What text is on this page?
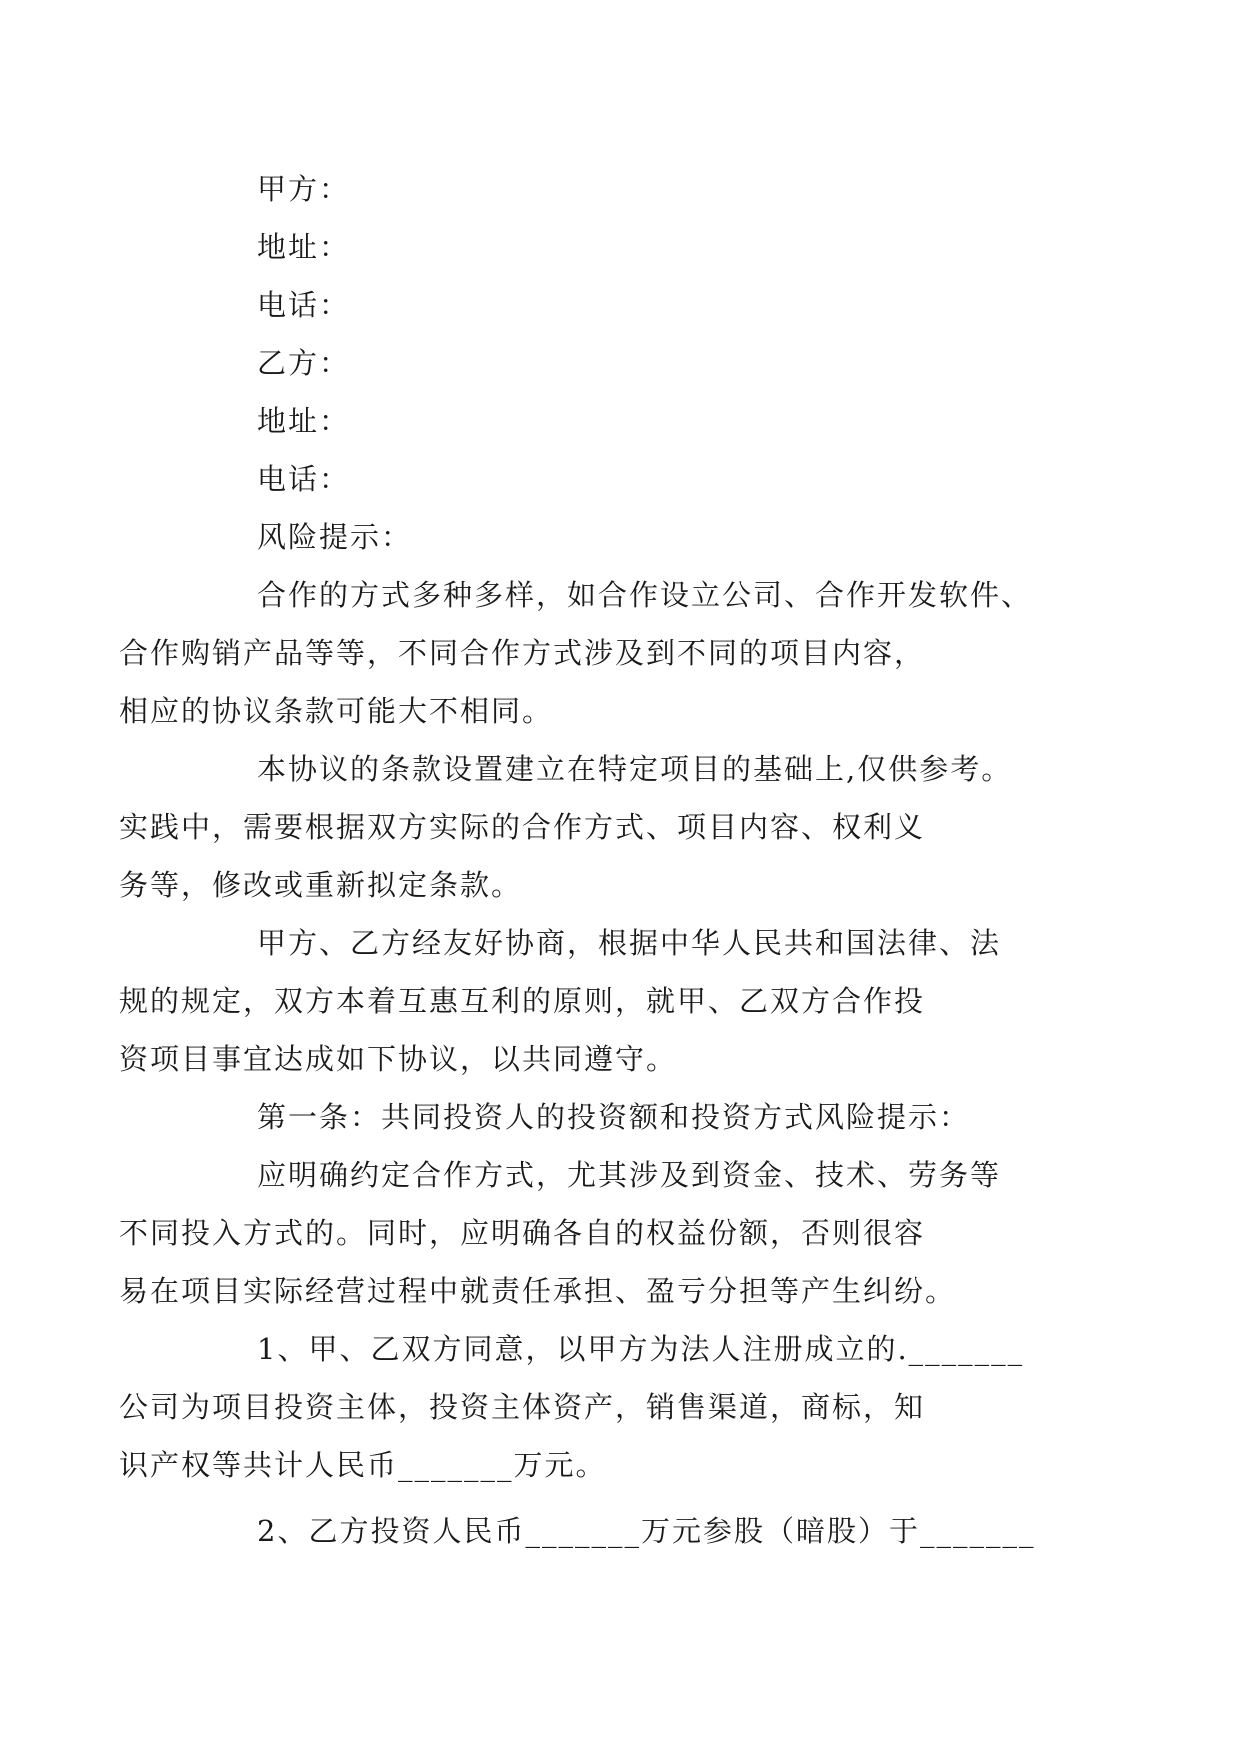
甲方：

地址：

电话：

乙方：

地址：

电话：

风险提示：

合作的方式多种多样，如合作设立公司、合作开发软件、
合作购销产品等等，不同合作方式涉及到不同的项目内容，
相应的协议条款可能大不相同。

本协议的条款设置建立在特定项目的基础上,仅供参考。
实践中，需要根据双方实际的合作方式、项目内容、权利义
务等，修改或重新拟定条款。

甲方、乙方经友好协商，根据中华人民共和国法律、法
规的规定，双方本着互惠互利的原则，就甲、乙双方合作投
资项目事宜达成如下协议，以共同遵守。

第一条：共同投资人的投资额和投资方式风险提示：

应明确约定合作方式，尤其涉及到资金、技术、劳务等
不同投入方式的。同时，应明确各自的权益份额，否则很容
易在项目实际经营过程中就责任承担、盈亏分担等产生纠纷。

1、甲、乙双方同意，以甲方为法人注册成立的._______
公司为项目投资主体，投资主体资产，销售渠道，商标，知
识产权等共计人民币_______万元。

2、乙方投资人民币_______万元参股（暗股）于_______
